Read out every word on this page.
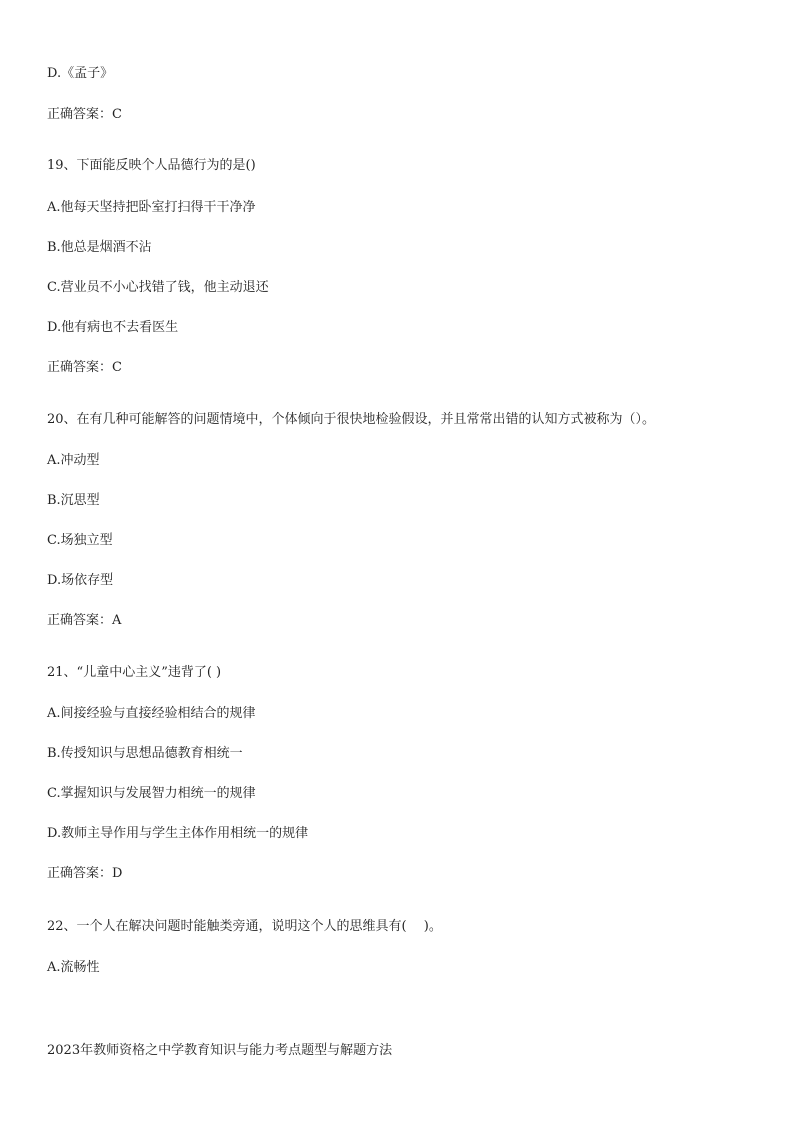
D.《孟子》
正确答案：C
19、下面能反映个人品德行为的是()
A.他每天坚持把卧室打扫得干干净净
B.他总是烟酒不沾
C.营业员不小心找错了钱，他主动退还
D.他有病也不去看医生
正确答案：C
20、在有几种可能解答的问题情境中，个体倾向于很快地检验假设，并且常常出错的认知方式被称为（）。
A.冲动型
B.沉思型
C.场独立型
D.场依存型
正确答案：A
21、“儿童中心主义”违背了( )
A.间接经验与直接经验相结合的规律
B.传授知识与思想品德教育相统一
C.掌握知识与发展智力相统一的规律
D.教师主导作用与学生主体作用相统一的规律
正确答案：D
22、一个人在解决问题时能触类旁通，说明这个人的思维具有(　 )。
A.流畅性
2023年教师资格之中学教育知识与能力考点题型与解题方法
